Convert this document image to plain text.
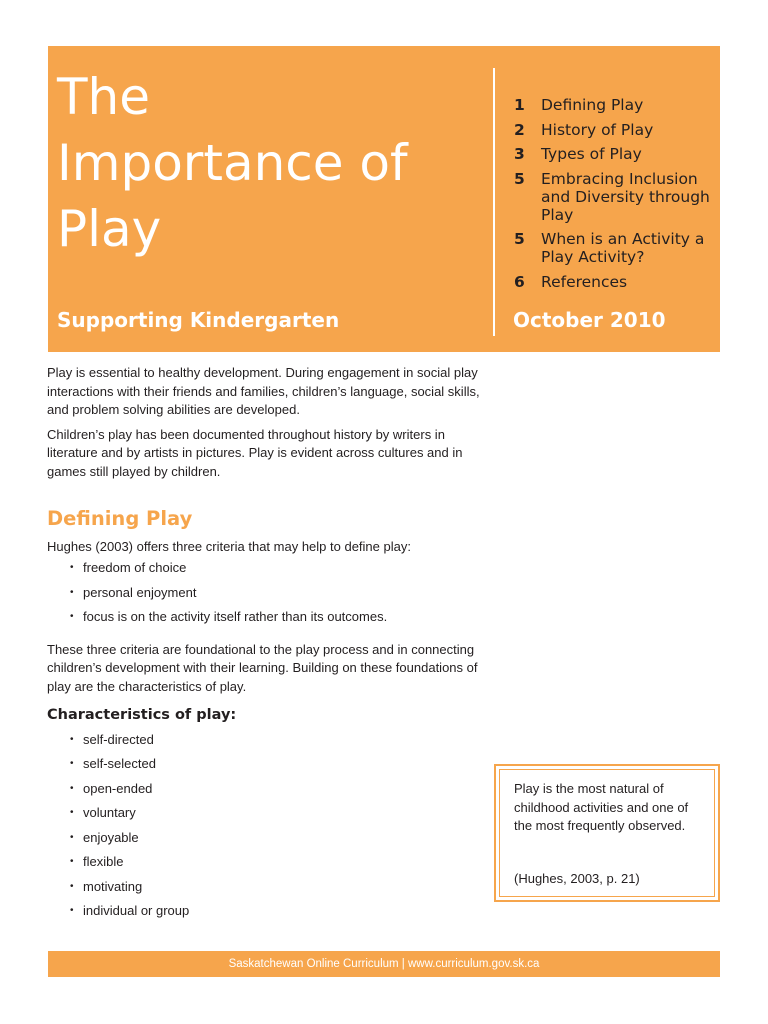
The
Importance of
Play
Supporting Kindergarten
1	Defining Play
2	History of Play
3	Types of Play
5	Embracing Inclusion and Diversity through Play
5	When is an Activity a Play Activity?
6	References
October 2010

Play is essential to healthy development. During engagement in social play interactions with their friends and families, children’s language, social skills, and problem solving abilities are developed.

Children’s play has been documented throughout history by writers in literature and by artists in pictures. Play is evident across cultures and in games still played by children.

Defining Play

Hughes (2003) offers three criteria that may help to define play:

• freedom of choice
• personal enjoyment
• focus is on the activity itself rather than its outcomes.

These three criteria are foundational to the play process and in connecting children’s development with their learning. Building on these foundations of play are the characteristics of play.

Characteristics of play:
• self-directed
• self-selected
• open-ended
• voluntary
• enjoyable
• flexible
• motivating
• individual or group

Play is the most natural of childhood activities and one of the most frequently observed.

(Hughes, 2003, p. 21)

Saskatchewan Online Curriculum | www.curriculum.gov.sk.ca
